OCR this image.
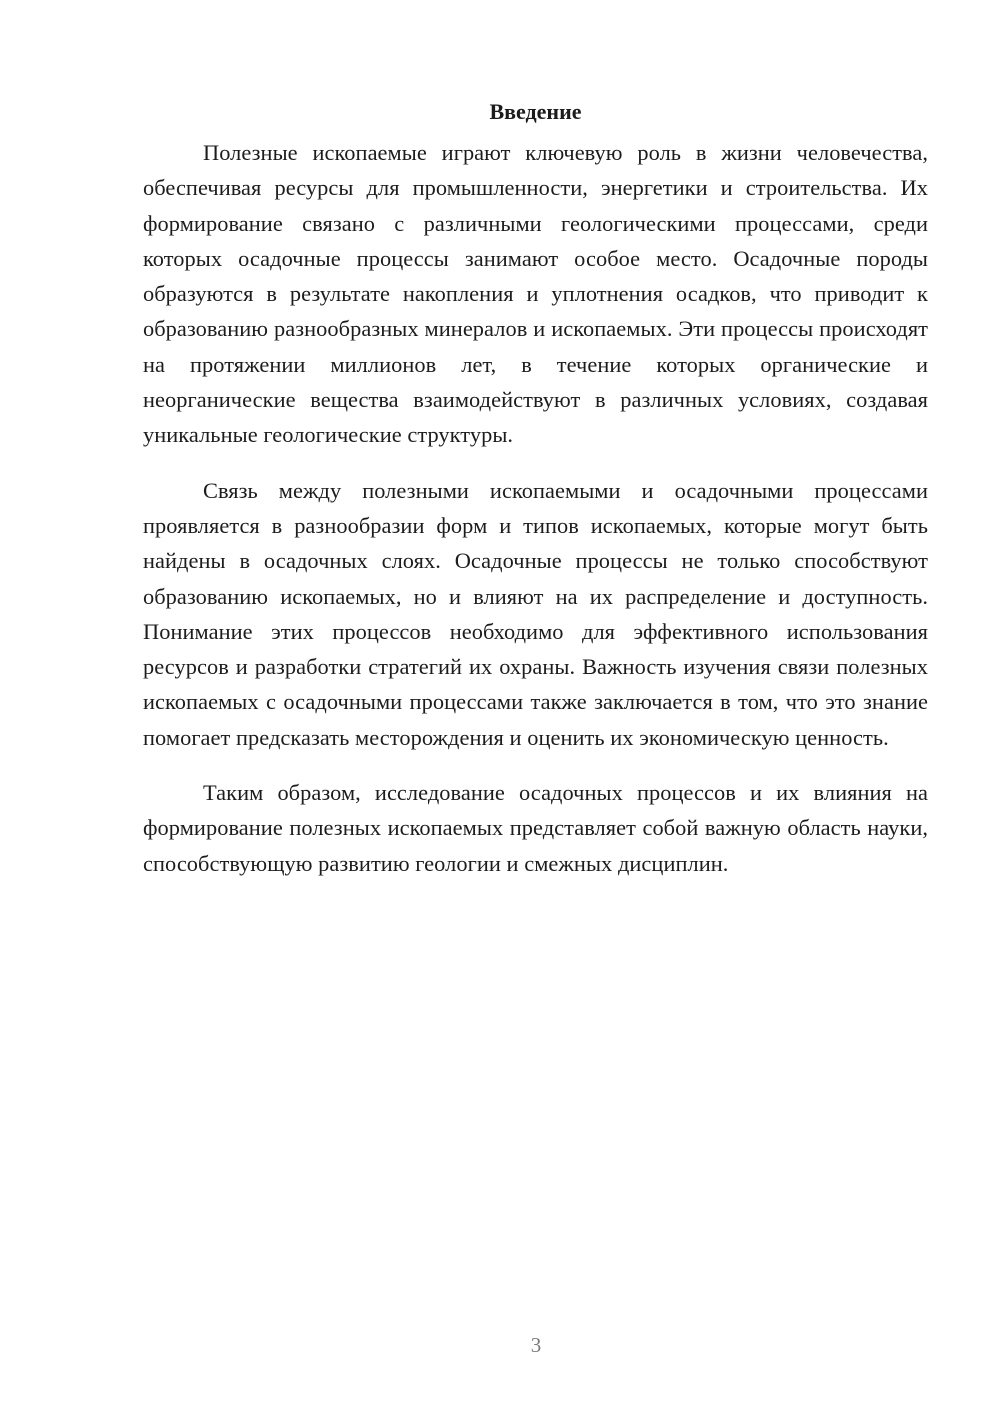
Введение

Полезные ископаемые играют ключевую роль в жизни человечества, обеспечивая ресурсы для промышленности, энергетики и строительства. Их формирование связано с различными геологическими процессами, среди которых осадочные процессы занимают особое место. Осадочные породы образуются в результате накопления и уплотнения осадков, что приводит к образованию разнообразных минералов и ископаемых. Эти процессы происходят на протяжении миллионов лет, в течение которых органические и неорганические вещества взаимодействуют в различных условиях, создавая уникальные геологические структуры.

Связь между полезными ископаемыми и осадочными процессами проявляется в разнообразии форм и типов ископаемых, которые могут быть найдены в осадочных слоях. Осадочные процессы не только способствуют образованию ископаемых, но и влияют на их распределение и доступность. Понимание этих процессов необходимо для эффективного использования ресурсов и разработки стратегий их охраны. Важность изучения связи полезных ископаемых с осадочными процессами также заключается в том, что это знание помогает предсказать месторождения и оценить их экономическую ценность.

Таким образом, исследование осадочных процессов и их влияния на формирование полезных ископаемых представляет собой важную область науки, способствующую развитию геологии и смежных дисциплин.

3
